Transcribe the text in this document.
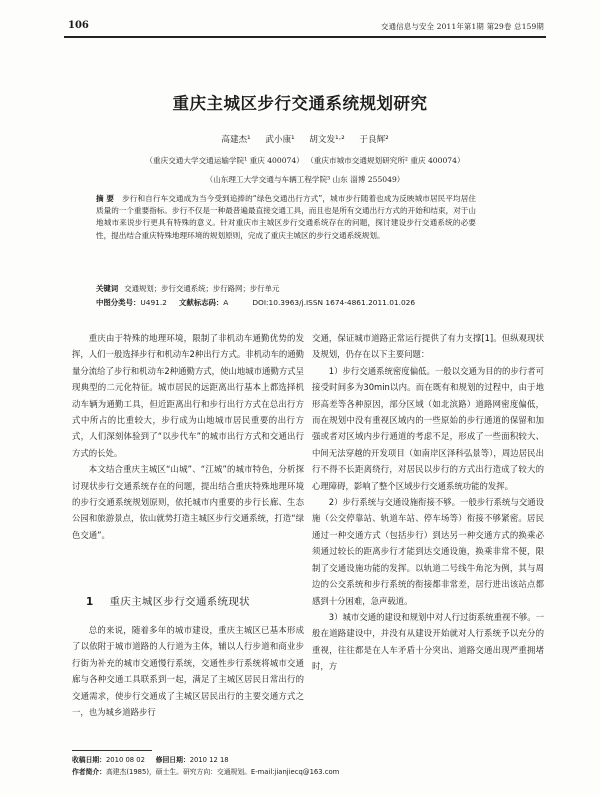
106	交通信息与安全 2011年第1期 第29卷 总159期
重庆主城区步行交通系统规划研究
高建杰¹ 武小康¹ 胡文发¹·² 于良辉²
（重庆交通大学交通运输学院¹ 重庆 400074） （重庆市城市交通规划研究所² 重庆 400074）
（山东理工大学交通与车辆工程学院³ 山东 淄博 255049）
摘 要 步行和自行车交通成为当今受到追捧的“绿色交通出行方式”，城市步行随着也成为反映城市居民平均居住质量的一个重要指标。步行不仅是一种最普遍最直接交通工具，而且也是所有交通出行方式的开始和结束，对于山地城市来说步行更具有特殊的意义。针对重庆市主城区步行交通系统存在的问题，探讨建设步行交通系统的必要性，提出结合重庆特殊地理环境的规划原则，完成了重庆主城区的步行交通系统规划。
关键词 交通规划；步行交通系统；步行路网；步行单元
中图分类号：U491.2 文献标志码：A	DOI:10.3963/j.ISSN 1674-4861.2011.01.026

重庆由于特殊的地理环境，限制了非机动车通勤优势的发挥，人们一般选择步行和机动车2种出行方式。非机动车的通勤量分流给了步行和机动车2种通勤方式，使山地城市通勤方式呈现典型的二元化特征。城市居民的远距离出行基本上都选择机动车辆为通勤工具，但近距离出行和步行出行方式在总出行方式中所占的比重较大，步行成为山地城市居民重要的出行方式，人们深刻体验到了“以步代车”的城市出行方式和交通出行方式的长处。

本文结合重庆主城区“山城”、“江城”的城市特色，分析探讨现状步行交通系统存在的问题，提出结合重庆特殊地理环境的步行交通系统规划原则，依托城市内重要的步行长廊、生态公园和旅游景点，依山就势打造主城区步行交通系统，打造“绿色交通”。

1 重庆主城区步行交通系统现状

总的来说，随着多年的城市建设，重庆主城区已基本形成了以依附于城市道路的人行道为主体，辅以人行步道和商业步行街为补充的城市交通慢行系统，交通性步行系统将城市交通廊与各种交通工具联系到一起，满足了主城区居民日常出行的交通需求，使步行交通成了主城区居民出行的主要交通方式之一，也为城乡道路步行

交通，保证城市道路正常运行提供了有力支撑[1]。但纵观现状及规划，仍存在以下主要问题：

1）步行交通系统密度偏低。一般以交通为目的的步行者可接受时间多为30min以内。而在既有和规划的过程中，由于地形高差等各种原因，部分区域（如北滨路）道路网密度偏低，而在规划中没有重视区域内的一些原始的步行通道的保留和加强或者对区域内步行通道的考虑不足，形成了一些面积较大、中间无法穿越的开发项目（如南岸区泽科弘景等），周边居民出行不得不长距离绕行，对居民以步行的方式出行造成了较大的心理障碍，影响了整个区域步行交通系统功能的发挥。

2）步行系统与交通设施衔接不够。一般步行系统与交通设施（公交停靠站、轨道车站、停车场等）衔接不够紧密。居民通过一种交通方式（包括步行）到达另一种交通方式的换乘必须通过较长的距离步行才能到达交通设施，换乘非常不便，限制了交通设施功能的发挥。以轨道二号线牛角沱为例，其与周边的公交系统和步行系统的衔接都非常差，居行进出该站点都感到十分困难，急声载道。

3）城市交通的建设和规划中对人行过街系统重视不够。一般在道路建设中，并没有从建设开始就对人行系统予以充分的重视，往往都是在人车矛盾十分突出、道路交通出现严重拥堵时，方

收稿日期：2010 08 02 修回日期：2010 12 18
作者简介：高建杰(1985)，硕士生。研究方向：交通规划。E-mail:jianjiecq@163.com
